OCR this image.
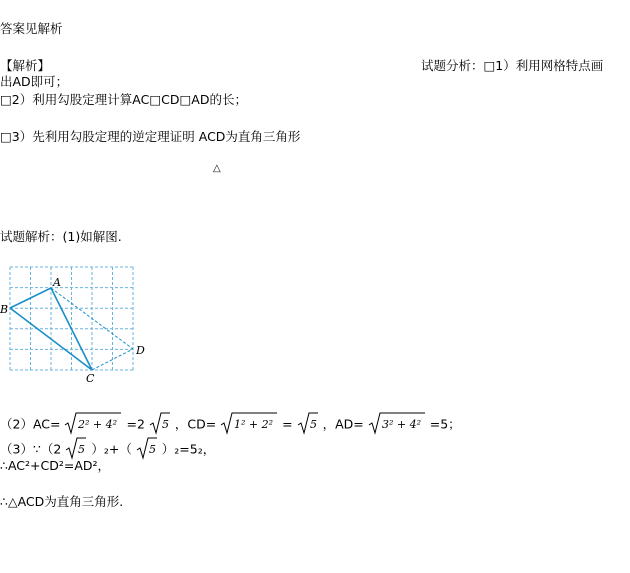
答案见解析
【解析】	试题分析：□1）利用网格特点画
出AD即可；
□2）利用勾股定理计算AC□CD□AD的长；
□3）先利用勾股定理的逆定理证明 ACD为直角三角形
△
试题解析：(1)如解图.
A
B
C
D
（2）AC= 2² + 4² =2 5 ，CD= 1² + 2² = 5 ，AD= 3² + 4² =5；
（3）∵（2 5 ）₂+（ 5 ）₂=5₂，
∴AC²+CD²=AD²，
∴△ACD为直角三角形.
